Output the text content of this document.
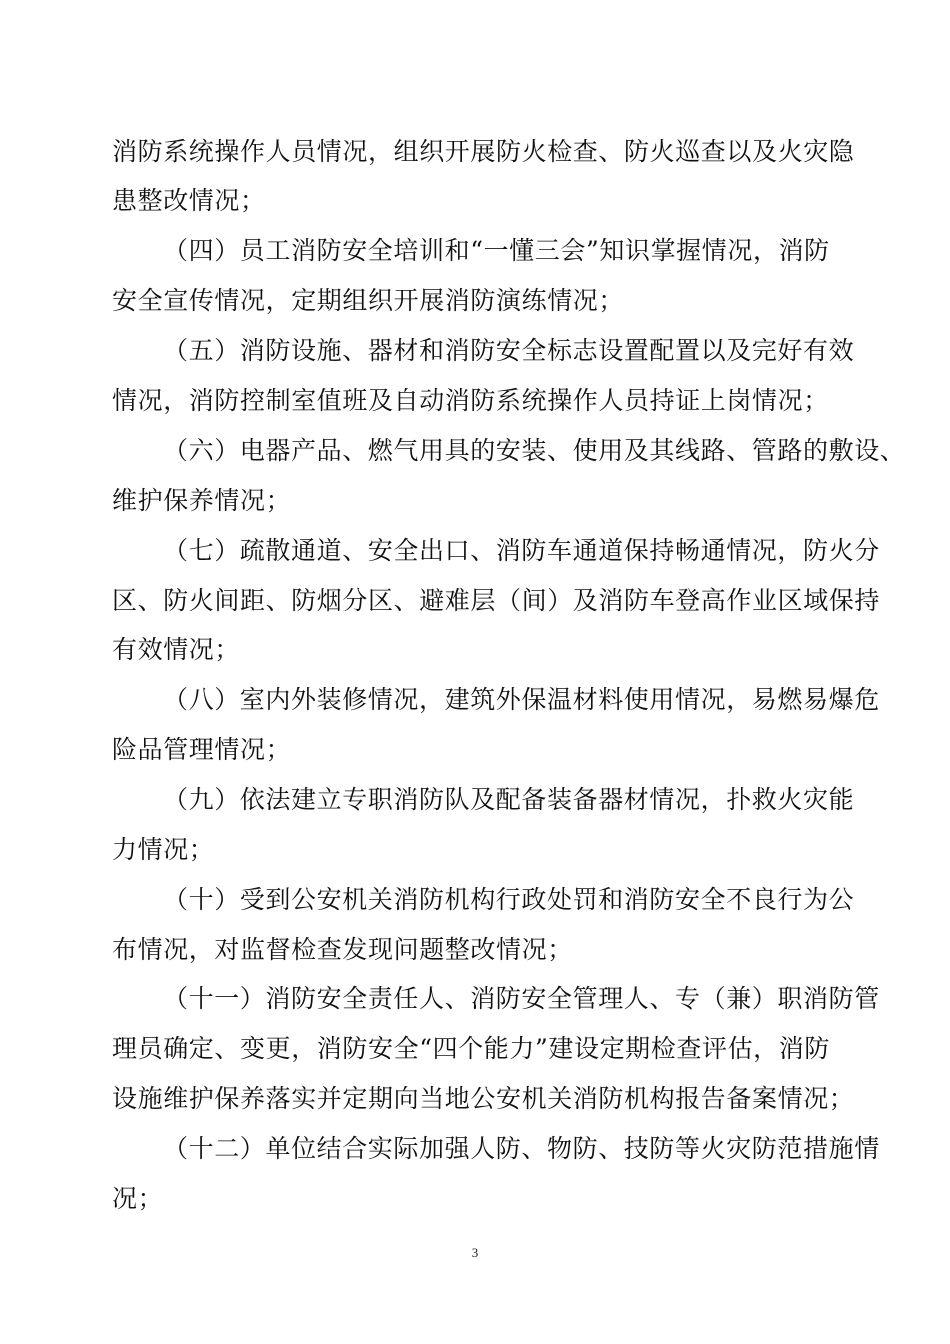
消防系统操作人员情况，组织开展防火检查、防火巡查以及火灾隐
患整改情况；
（四）员工消防安全培训和“一懂三会”知识掌握情况，消防
安全宣传情况，定期组织开展消防演练情况；
（五）消防设施、器材和消防安全标志设置配置以及完好有效
情况，消防控制室值班及自动消防系统操作人员持证上岗情况；
（六）电器产品、燃气用具的安装、使用及其线路、管路的敷设、
维护保养情况；
（七）疏散通道、安全出口、消防车通道保持畅通情况，防火分
区、防火间距、防烟分区、避难层（间）及消防车登高作业区域保持
有效情况；
（八）室内外装修情况，建筑外保温材料使用情况，易燃易爆危
险品管理情况；
（九）依法建立专职消防队及配备装备器材情况，扑救火灾能
力情况；
（十）受到公安机关消防机构行政处罚和消防安全不良行为公
布情况，对监督检查发现问题整改情况；
（十一）消防安全责任人、消防安全管理人、专（兼）职消防管
理员确定、变更，消防安全“四个能力”建设定期检查评估，消防
设施维护保养落实并定期向当地公安机关消防机构报告备案情况；
（十二）单位结合实际加强人防、物防、技防等火灾防范措施情
况；
3
